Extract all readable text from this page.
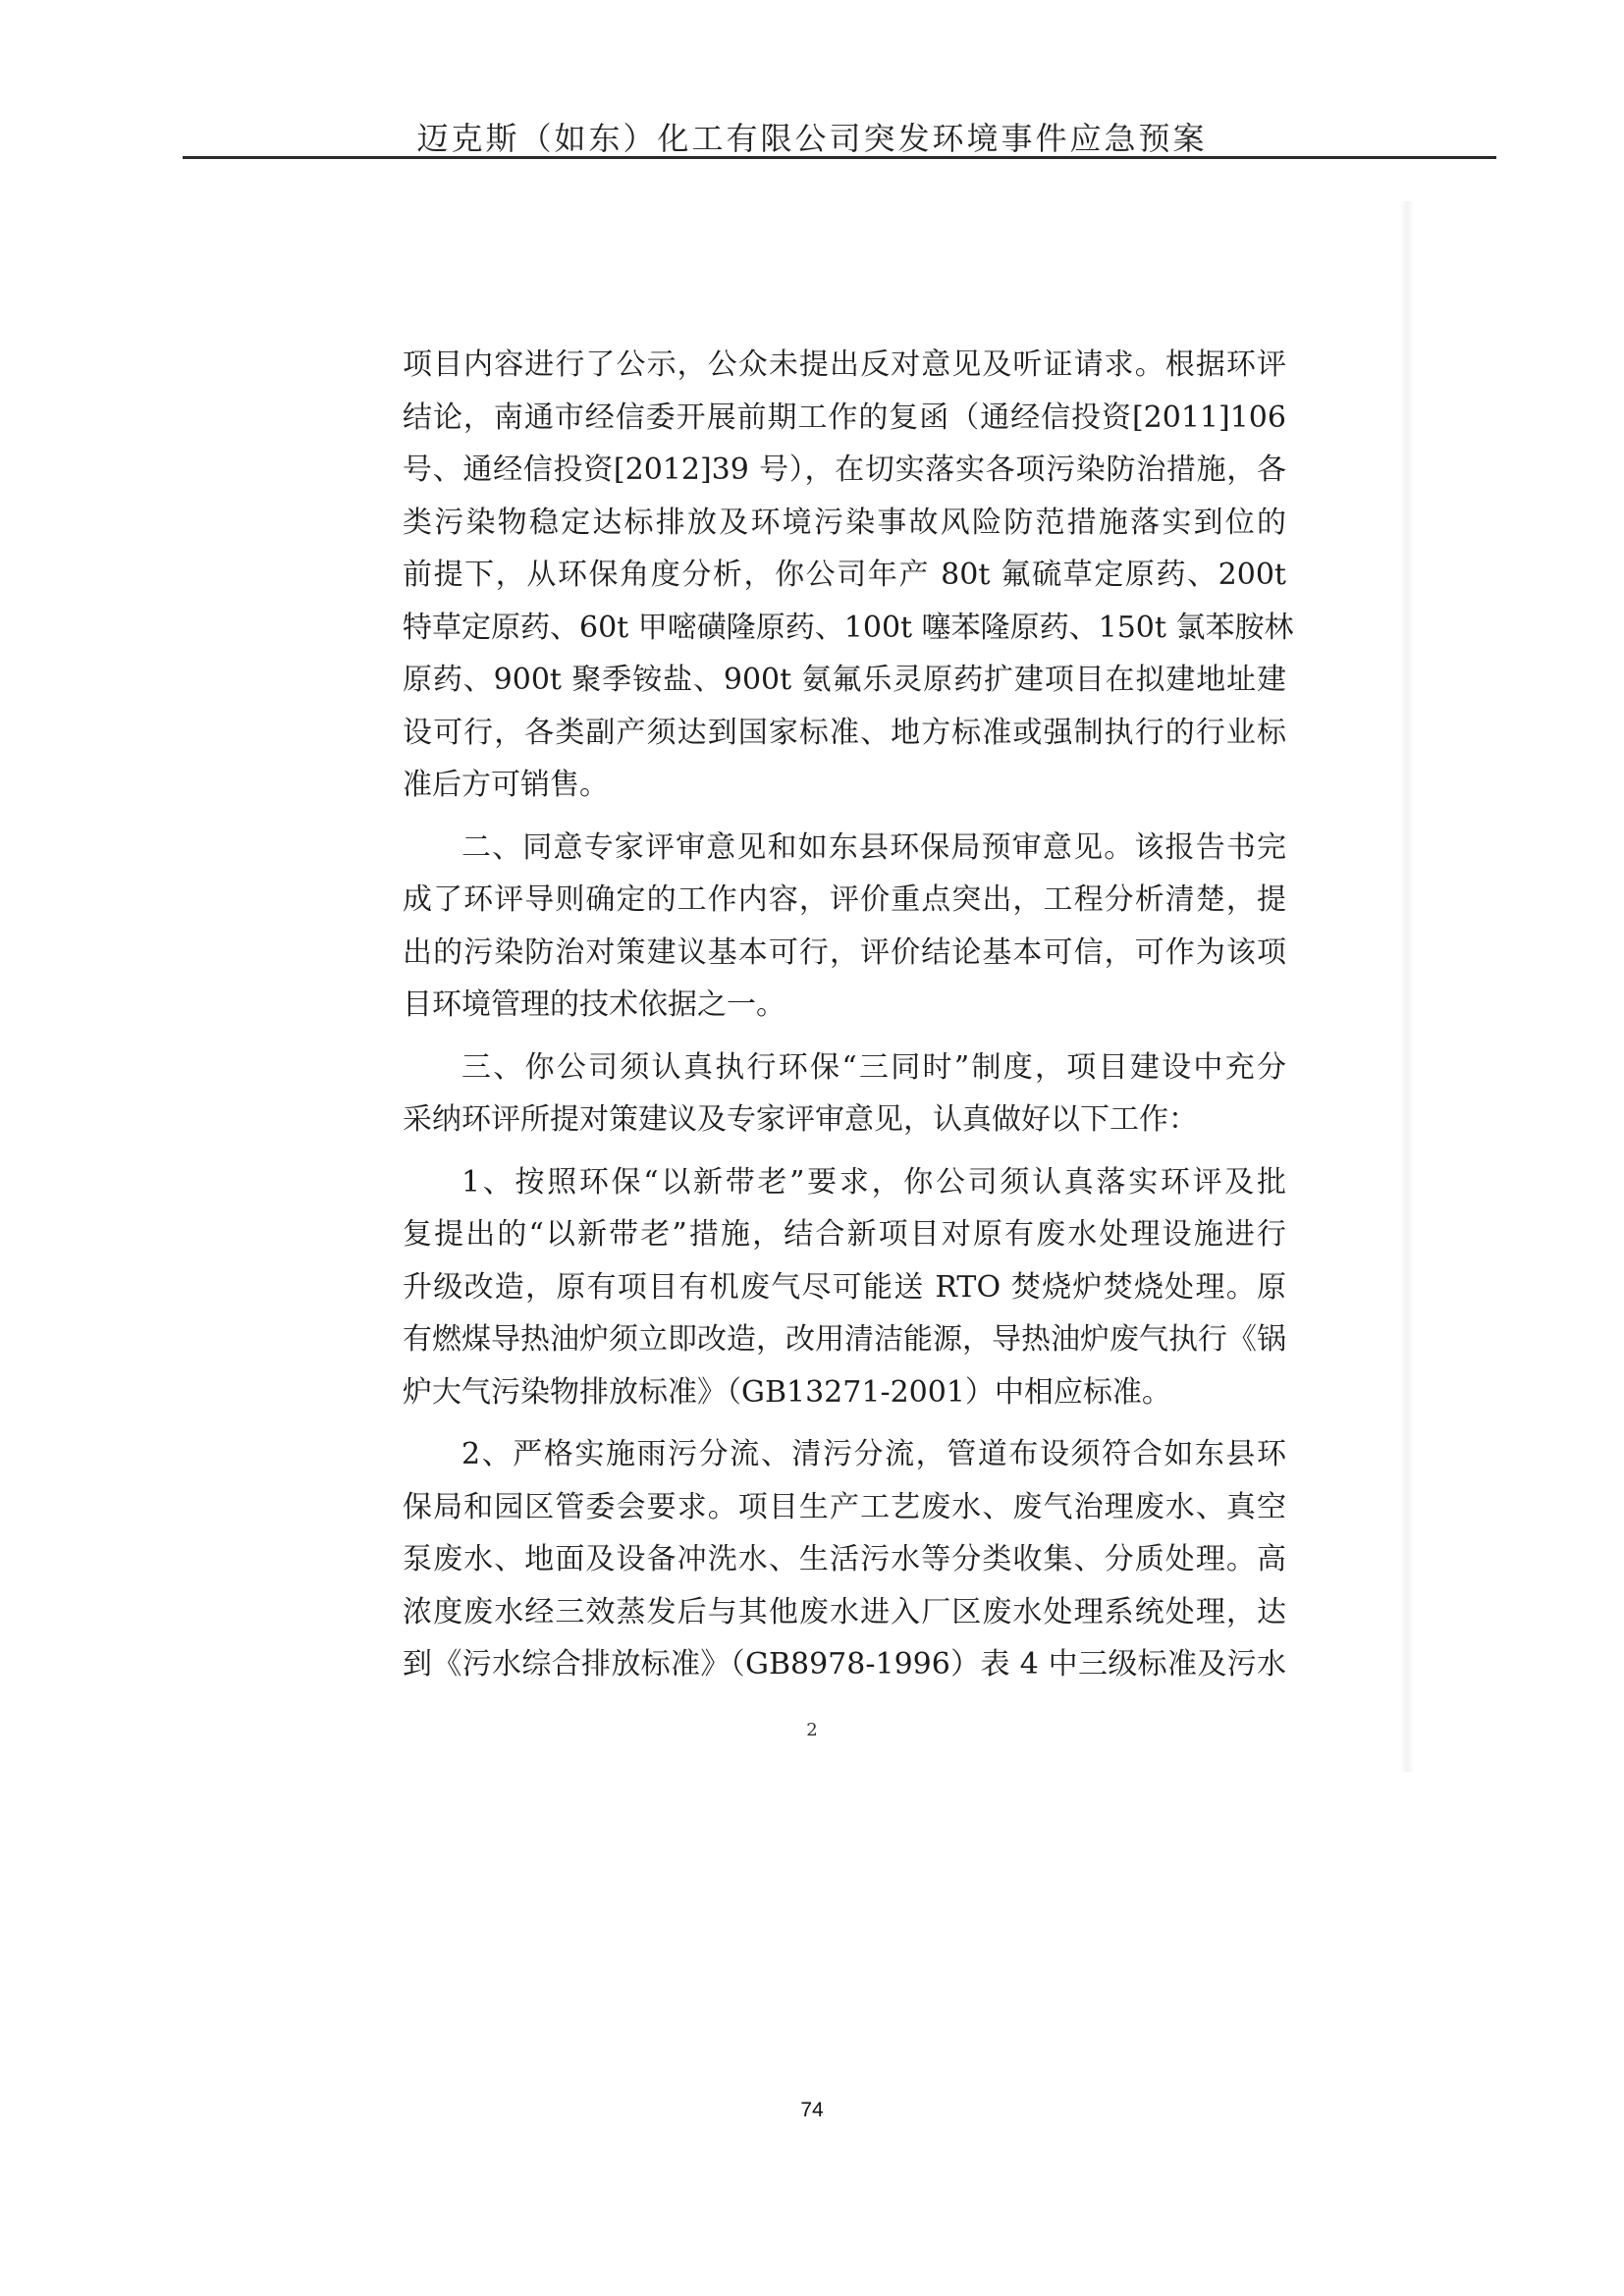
迈克斯（如东）化工有限公司突发环境事件应急预案
项目内容进行了公示，公众未提出反对意见及听证请求。根据环评
结论，南通市经信委开展前期工作的复函（通经信投资[2011]106
号、通经信投资[2012]39 号），在切实落实各项污染防治措施，各
类污染物稳定达标排放及环境污染事故风险防范措施落实到位的
前提下，从环保角度分析，你公司年产 80t 氟硫草定原药、200t
特草定原药、60t 甲嘧磺隆原药、100t 噻苯隆原药、150t 氯苯胺林
原药、900t 聚季铵盐、900t 氨氟乐灵原药扩建项目在拟建地址建
设可行，各类副产须达到国家标准、地方标准或强制执行的行业标
准后方可销售。
二、同意专家评审意见和如东县环保局预审意见。该报告书完
成了环评导则确定的工作内容，评价重点突出，工程分析清楚，提
出的污染防治对策建议基本可行，评价结论基本可信，可作为该项
目环境管理的技术依据之一。
三、你公司须认真执行环保“三同时”制度，项目建设中充分
采纳环评所提对策建议及专家评审意见，认真做好以下工作：
1、按照环保“以新带老”要求，你公司须认真落实环评及批
复提出的“以新带老”措施，结合新项目对原有废水处理设施进行
升级改造，原有项目有机废气尽可能送 RTO 焚烧炉焚烧处理。原
有燃煤导热油炉须立即改造，改用清洁能源，导热油炉废气执行《锅
炉大气污染物排放标准》（GB13271-2001）中相应标准。
2、严格实施雨污分流、清污分流，管道布设须符合如东县环
保局和园区管委会要求。项目生产工艺废水、废气治理废水、真空
泵废水、地面及设备冲洗水、生活污水等分类收集、分质处理。高
浓度废水经三效蒸发后与其他废水进入厂区废水处理系统处理，达
到《污水综合排放标准》（GB8978-1996）表 4 中三级标准及污水
2
74
